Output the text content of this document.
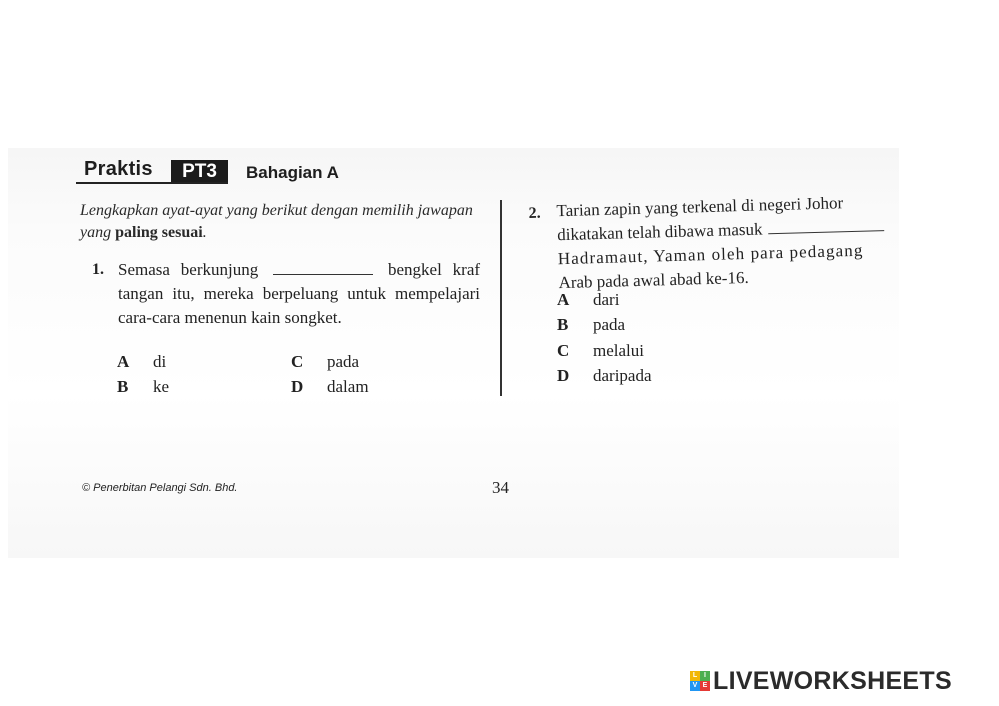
Praktis	PT3	Bahagian A
Lengkapkan ayat-ayat yang berikut dengan memilih jawapan yang paling sesuai.
1. Semasa berkunjung	bengkel kraf tangan itu, mereka berpeluang untuk mempelajari cara-cara menenun kain songket.
A di
B ke
C pada
D dalam
2. Tarian zapin yang terkenal di negeri Johor
dikatakan telah dibawa masuk
Hadramaut, Yaman oleh para pedagang
Arab pada awal abad ke-16.
A dari
B pada
C melalui
D daripada
© Penerbitan Pelangi Sdn. Bhd.	34
L I
V E LIVEWORKSHEETS
